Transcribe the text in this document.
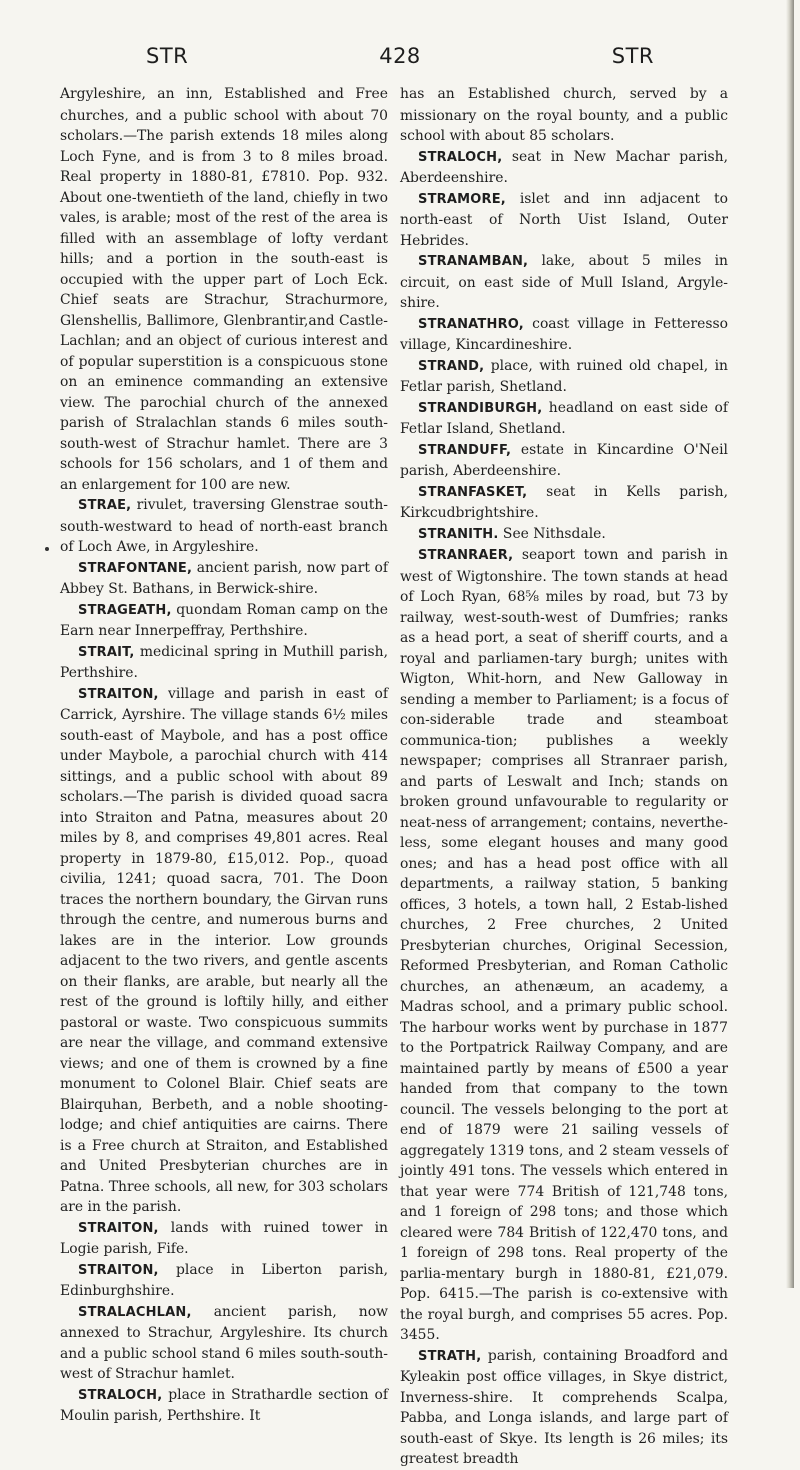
STR	428	STR

Argyleshire, an inn, Established and Free churches, and a public school with about 70 scholars.—The parish extends 18 miles along Loch Fyne, and is from 3 to 8 miles broad. Real property in 1880-81, £7810. Pop. 932. About one-twentieth of the land, chiefly in two vales, is arable; most of the rest of the area is filled with an assemblage of lofty verdant hills; and a portion in the south-east is occupied with the upper part of Loch Eck. Chief seats are Strachur, Strachurmore, Glenshellis, Ballimore, Glenbrantir,and Castle-Lachlan; and an object of curious interest and of popular superstition is a conspicuous stone on an eminence commanding an extensive view. The parochial church of the annexed parish of Stralachlan stands 6 miles south-south-west of Strachur hamlet. There are 3 schools for 156 scholars, and 1 of them and an enlargement for 100 are new.

STRAE, rivulet, traversing Glenstrae south-south-westward to head of north-east branch of Loch Awe, in Argyleshire.

STRAFONTANE, ancient parish, now part of Abbey St. Bathans, in Berwick-shire.

STRAGEATH, quondam Roman camp on the Earn near Innerpeffray, Perthshire.

STRAIT, medicinal spring in Muthill parish, Perthshire.

STRAITON, village and parish in east of Carrick, Ayrshire. The village stands 6½ miles south-east of Maybole, and has a post office under Maybole, a parochial church with 414 sittings, and a public school with about 89 scholars.—The parish is divided quoad sacra into Straiton and Patna, measures about 20 miles by 8, and comprises 49,801 acres. Real property in 1879-80, £15,012. Pop., quoad civilia, 1241; quoad sacra, 701. The Doon traces the northern boundary, the Girvan runs through the centre, and numerous burns and lakes are in the interior. Low grounds adjacent to the two rivers, and gentle ascents on their flanks, are arable, but nearly all the rest of the ground is loftily hilly, and either pastoral or waste. Two conspicuous summits are near the village, and command extensive views; and one of them is crowned by a fine monument to Colonel Blair. Chief seats are Blairquhan, Berbeth, and a noble shooting-lodge; and chief antiquities are cairns. There is a Free church at Straiton, and Established and United Presbyterian churches are in Patna. Three schools, all new, for 303 scholars are in the parish.

STRAITON, lands with ruined tower in Logie parish, Fife.

STRAITON, place in Liberton parish, Edinburghshire.

STRALACHLAN, ancient parish, now annexed to Strachur, Argyleshire. Its church and a public school stand 6 miles south-south-west of Strachur hamlet.

STRALOCH, place in Strathardle section of Moulin parish, Perthshire. It

has an Established church, served by a missionary on the royal bounty, and a public school with about 85 scholars.

STRALOCH, seat in New Machar parish, Aberdeenshire.

STRAMORE, islet and inn adjacent to north-east of North Uist Island, Outer Hebrides.

STRANAMBAN, lake, about 5 miles in circuit, on east side of Mull Island, Argyle-shire.

STRANATHRO, coast village in Fetteresso village, Kincardineshire.

STRAND, place, with ruined old chapel, in Fetlar parish, Shetland.

STRANDIBURGH, headland on east side of Fetlar Island, Shetland.

STRANDUFF, estate in Kincardine O'Neil parish, Aberdeenshire.

STRANFASKET, seat in Kells parish, Kirkcudbrightshire.

STRANITH. See Nithsdale.

STRANRAER, seaport town and parish in west of Wigtonshire. The town stands at head of Loch Ryan, 68⅝ miles by road, but 73 by railway, west-south-west of Dumfries; ranks as a head port, a seat of sheriff courts, and a royal and parliamen-tary burgh; unites with Wigton, Whit-horn, and New Galloway in sending a member to Parliament; is a focus of con-siderable trade and steamboat communica-tion; publishes a weekly newspaper; comprises all Stranraer parish, and parts of Leswalt and Inch; stands on broken ground unfavourable to regularity or neat-ness of arrangement; contains, neverthe-less, some elegant houses and many good ones; and has a head post office with all departments, a railway station, 5 banking offices, 3 hotels, a town hall, 2 Estab-lished churches, 2 Free churches, 2 United Presbyterian churches, Original Secession, Reformed Presbyterian, and Roman Catholic churches, an athenæum, an academy, a Madras school, and a primary public school. The harbour works went by purchase in 1877 to the Portpatrick Railway Company, and are maintained partly by means of £500 a year handed from that company to the town council. The vessels belonging to the port at end of 1879 were 21 sailing vessels of aggregately 1319 tons, and 2 steam vessels of jointly 491 tons. The vessels which entered in that year were 774 British of 121,748 tons, and 1 foreign of 298 tons; and those which cleared were 784 British of 122,470 tons, and 1 foreign of 298 tons. Real property of the parlia-mentary burgh in 1880-81, £21,079. Pop. 6415.—The parish is co-extensive with the royal burgh, and comprises 55 acres. Pop. 3455.

STRATH, parish, containing Broadford and Kyleakin post office villages, in Skye district, Inverness-shire. It comprehends Scalpa, Pabba, and Longa islands, and large part of south-east of Skye. Its length is 26 miles; its greatest breadth
